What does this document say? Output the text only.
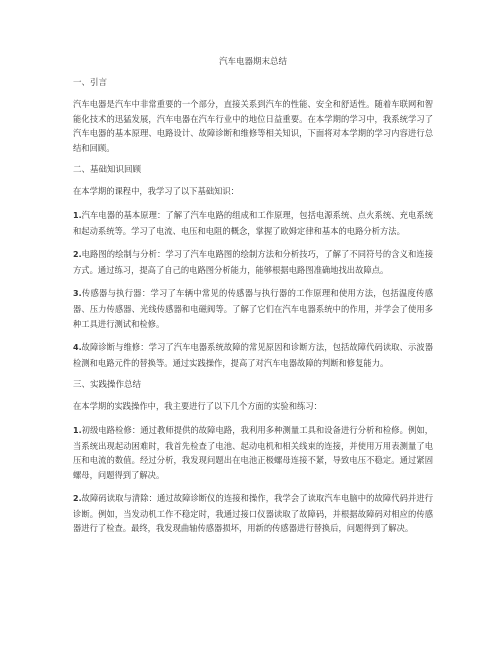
汽车电器期末总结
一、引言
汽车电器是汽车中非常重要的一个部分，直接关系到汽车的性能、安全和舒适性。随着车联网和智能化技术的迅猛发展，汽车电器在汽车行业中的地位日益重要。在本学期的学习中，我系统学习了汽车电器的基本原理、电路设计、故障诊断和维修等相关知识，下面将对本学期的学习内容进行总结和回顾。
二、基础知识回顾
在本学期的课程中，我学习了以下基础知识：
1.汽车电器的基本原理：了解了汽车电路的组成和工作原理，包括电源系统、点火系统、充电系统和起动系统等。学习了电流、电压和电阻的概念，掌握了欧姆定律和基本的电路分析方法。
2.电路图的绘制与分析：学习了汽车电路图的绘制方法和分析技巧，了解了不同符号的含义和连接方式。通过练习，提高了自己的电路图分析能力，能够根据电路图准确地找出故障点。
3.传感器与执行器：学习了车辆中常见的传感器与执行器的工作原理和使用方法，包括温度传感器、压力传感器、光线传感器和电磁阀等。了解了它们在汽车电器系统中的作用，并学会了使用多种工具进行测试和检修。
4.故障诊断与维修：学习了汽车电器系统故障的常见原因和诊断方法，包括故障代码读取、示波器检测和电路元件的替换等。通过实践操作，提高了对汽车电器故障的判断和修复能力。
三、实践操作总结
在本学期的实践操作中，我主要进行了以下几个方面的实验和练习：
1.初级电路检修：通过教师提供的故障电路，我利用多种测量工具和设备进行分析和检修。例如，当系统出现起动困难时，我首先检查了电池、起动电机和相关线束的连接，并使用万用表测量了电压和电流的数值。经过分析，我发现问题出在电池正极螺母连接不紧，导致电压不稳定。通过紧固螺母，问题得到了解决。
2.故障码读取与清除：通过故障诊断仪的连接和操作，我学会了读取汽车电脑中的故障代码并进行诊断。例如，当发动机工作不稳定时，我通过接口仪器读取了故障码，并根据故障码对相应的传感器进行了检查。最终，我发现曲轴传感器损坏，用新的传感器进行替换后，问题得到了解决。
